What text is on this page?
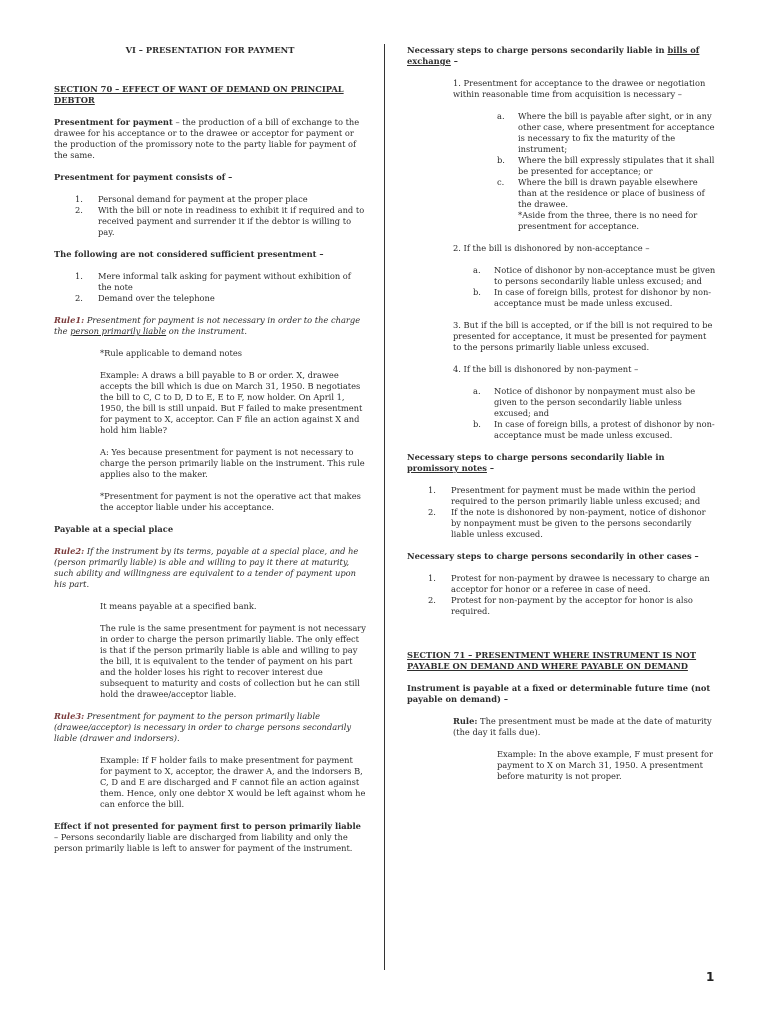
VI – PRESENTATION FOR PAYMENT

SECTION 70 – EFFECT OF WANT OF DEMAND ON PRINCIPAL DEBTOR

Presentment for payment – the production of a bill of exchange to the drawee for his acceptance or to the drawee or acceptor for payment or the production of the promissory note to the party liable for payment of the same.

Presentment for payment consists of –

1. Personal demand for payment at the proper place
2. With the bill or note in readiness to exhibit it if required and to received payment and surrender it if the debtor is willing to pay.

The following are not considered sufficient presentment –

1. Mere informal talk asking for payment without exhibition of the note
2. Demand over the telephone

Rule1: Presentment for payment is not necessary in order to the charge the person primarily liable on the instrument.

*Rule applicable to demand notes

Example: A draws a bill payable to B or order. X, drawee accepts the bill which is due on March 31, 1950. B negotiates the bill to C, C to D, D to E, E to F, now holder. On April 1, 1950, the bill is still unpaid. But F failed to make presentment for payment to X, acceptor. Can F file an action against X and hold him liable?

A: Yes because presentment for payment is not necessary to charge the person primarily liable on the instrument. This rule applies also to the maker.

*Presentment for payment is not the operative act that makes the acceptor liable under his acceptance.

Payable at a special place

Rule2: If the instrument by its terms, payable at a special place, and he (person primarily liable) is able and willing to pay it there at maturity, such ability and willingness are equivalent to a tender of payment upon his part.

It means payable at a specified bank.

The rule is the same presentment for payment is not necessary in order to charge the person primarily liable. The only effect is that if the person primarily liable is able and willing to pay the bill, it is equivalent to the tender of payment on his part and the holder loses his right to recover interest due subsequent to maturity and costs of collection but he can still hold the drawee/acceptor liable.

Rule3: Presentment for payment to the person primarily liable (drawee/acceptor) is necessary in order to charge persons secondarily liable (drawer and indorsers).

Example: If F holder fails to make presentment for payment for payment to X, acceptor, the drawer A, and the indorsers B, C, D and E are discharged and F cannot file an action against them. Hence, only one debtor X would be left against whom he can enforce the bill.

Effect if not presented for payment first to person primarily liable – Persons secondarily liable are discharged from liability and only the person primarily liable is left to answer for payment of the instrument.

Necessary steps to charge persons secondarily liable in bills of exchange –

1. Presentment for acceptance to the drawee or negotiation within reasonable time from acquisition is necessary –

a. Where the bill is payable after sight, or in any other case, where presentment for acceptance is necessary to fix the maturity of the instrument;
b. Where the bill expressly stipulates that it shall be presented for acceptance; or
c. Where the bill is drawn payable elsewhere than at the residence or place of business of the drawee.

*Aside from the three, there is no need for presentment for acceptance.

2. If the bill is dishonored by non-acceptance –

a. Notice of dishonor by non-acceptance must be given to persons secondarily liable unless excused; and
b. In case of foreign bills, protest for dishonor by non-acceptance must be made unless excused.

3. But if the bill is accepted, or if the bill is not required to be presented for acceptance, it must be presented for payment to the persons primarily liable unless excused.

4. If the bill is dishonored by non-payment –

a. Notice of dishonor by nonpayment must also be given to the person secondarily liable unless excused; and
b. In case of foreign bills, a protest of dishonor by non-acceptance must be made unless excused.

Necessary steps to charge persons secondarily liable in promissory notes –

1. Presentment for payment must be made within the period required to the person primarily liable unless excused; and
2. If the note is dishonored by non-payment, notice of dishonor by nonpayment must be given to the persons secondarily liable unless excused.

Necessary steps to charge persons secondarily in other cases –

1. Protest for non-payment by drawee is necessary to charge an acceptor for honor or a referee in case of need.
2. Protest for non-payment by the acceptor for honor is also required.

SECTION 71 – PRESENTMENT WHERE INSTRUMENT IS NOT PAYABLE ON DEMAND AND WHERE PAYABLE ON DEMAND

Instrument is payable at a fixed or determinable future time (not payable on demand) –

Rule: The presentment must be made at the date of maturity (the day it falls due).

Example: In the above example, F must present for payment to X on March 31, 1950. A presentment before maturity is not proper.

1
